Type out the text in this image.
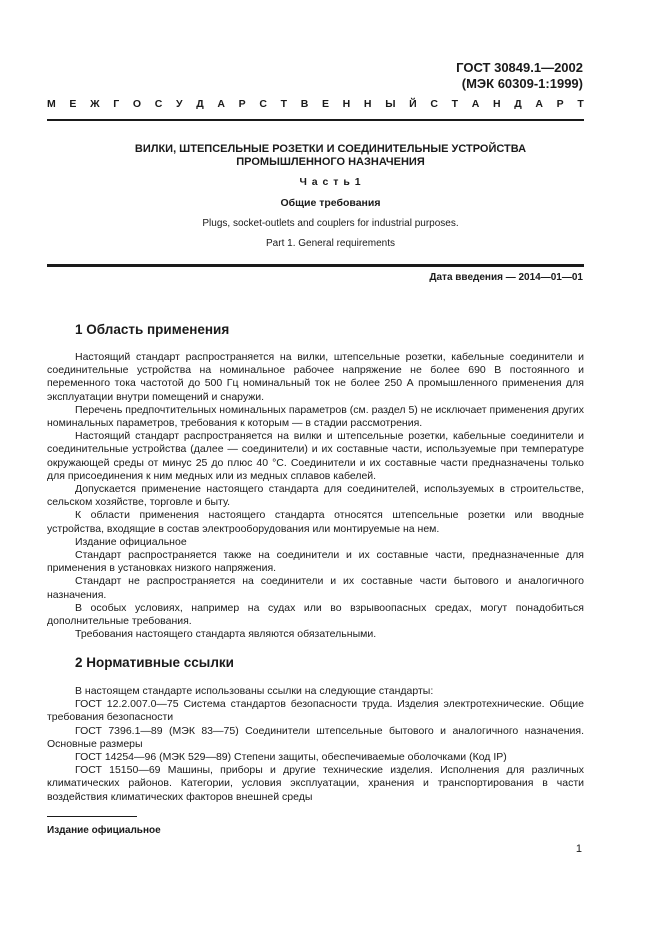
ГОСТ 30849.1—2002
(МЭК 60309-1:1999)
М Е Ж Г О С У Д А Р С Т В Е Н Н Ы Й С Т А Н Д А Р Т
ВИЛКИ, ШТЕПСЕЛЬНЫЕ РОЗЕТКИ И СОЕДИНИТЕЛЬНЫЕ УСТРОЙСТВА
ПРОМЫШЛЕННОГО НАЗНАЧЕНИЯ
Ч а с т ь 1
Общие требования
Plugs, socket-outlets and couplers for industrial purposes.
Part 1. General requirements
Дата введения — 2014—01—01
1 Область применения

Настоящий стандарт распространяется на вилки, штепсельные розетки, кабельные соединители и соединительные устройства на номинальное рабочее напряжение не более 690 В постоянного и переменного тока частотой до 500 Гц номинальный ток не более 250 А промышленного применения для эксплуатации внутри помещений и снаружи.

Перечень предпочтительных номинальных параметров (см. раздел 5) не исключает применения других номинальных параметров, требования к которым — в стадии рассмотрения.

Настоящий стандарт распространяется на вилки и штепсельные розетки, кабельные соединители и соединительные устройства (далее — соединители) и их составные части, используемые при температуре окружающей среды от минус 25 до плюс 40 °С. Соединители и их составные части предназначены только для присоединения к ним медных или из медных сплавов кабелей.

Допускается применение настоящего стандарта для соединителей, используемых в строительстве, сельском хозяйстве, торговле и быту.

К области применения настоящего стандарта относятся штепсельные розетки или вводные устройства, входящие в состав электрооборудования или монтируемые на нем.

Издание официальное

Стандарт распространяется также на соединители и их составные части, предназначенные для применения в установках низкого напряжения.

Стандарт не распространяется на соединители и их составные части бытового и аналогичного назначения.

В особых условиях, например на судах или во взрывоопасных средах, могут понадобиться дополнительные требования.

Требования настоящего стандарта являются обязательными.

2 Нормативные ссылки

В настоящем стандарте использованы ссылки на следующие стандарты:

ГОСТ 12.2.007.0—75 Система стандартов безопасности труда. Изделия электротехнические. Общие требования безопасности

ГОСТ 7396.1—89 (МЭК 83—75) Соединители штепсельные бытового и аналогичного назначения. Основные размеры

ГОСТ 14254—96 (МЭК 529—89) Степени защиты, обеспечиваемые оболочками (Код IP)

ГОСТ 15150—69 Машины, приборы и другие технические изделия. Исполнения для различных климатических районов. Категории, условия эксплуатации, хранения и транспортирования в части воздействия климатических факторов внешней среды

Издание официальное
1
